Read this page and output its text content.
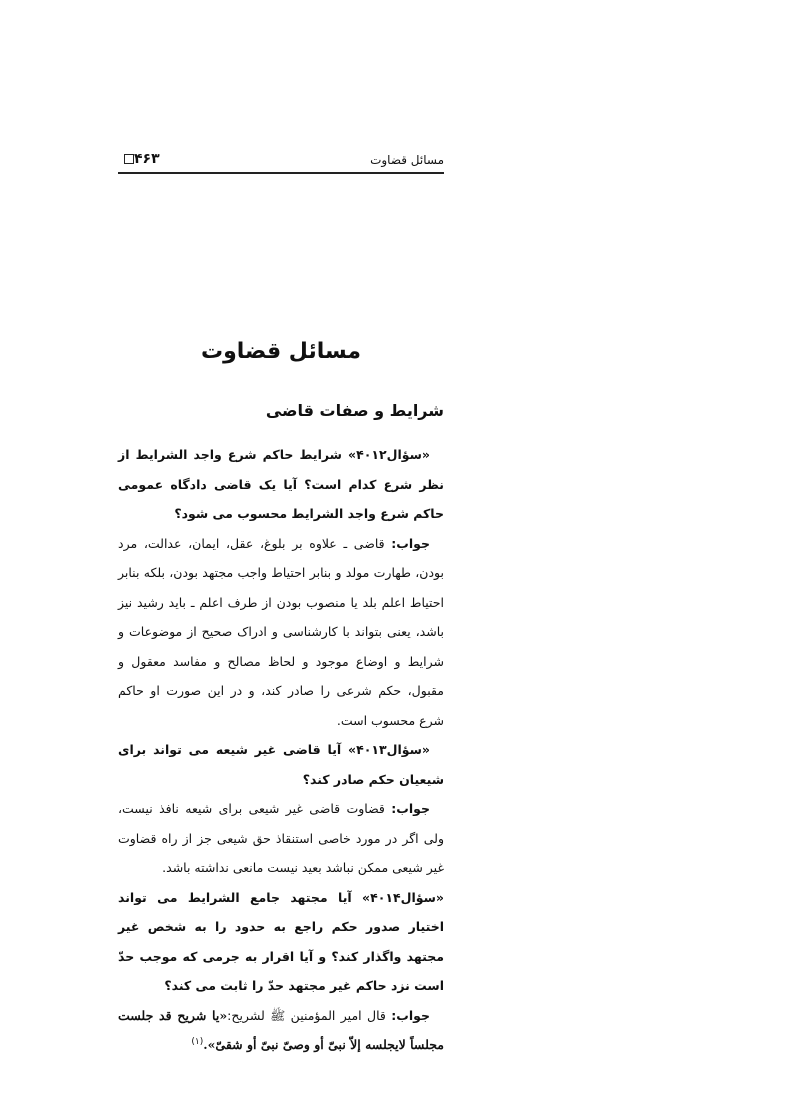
۴۶۳	مسائل قضاوت
مسائل قضاوت
شرایط و صفات قاضی

«سؤال۴۰۱۲» شرایط حاکم شرع واجد الشرایط از نظر شرع کدام است؟ آیا یک قاضی دادگاه عمومی حاکم شرع واجد الشرایط محسوب می شود؟

جواب: قاضی ـ علاوه بر بلوغ، عقل، ایمان، عدالت، مرد بودن، طهارت مولد و بنابر احتیاط واجب مجتهد بودن، بلکه بنابر احتیاط اعلم بلد یا منصوب بودن از طرف اعلم ـ باید رشید نیز باشد، یعنی بتواند با کارشناسی و ادراک صحیح از موضوعات و شرایط و اوضاع موجود و لحاظ مصالح و مفاسد معقول و مقبول، حکم شرعی را صادر کند، و در این صورت او حاکم شرع محسوب است.

«سؤال۴۰۱۳» آیا قاضی غیر شیعه می تواند برای شیعیان حکم صادر کند؟

جواب: قضاوت قاضی غیر شیعی برای شیعه نافذ نیست، ولی اگر در مورد خاصی استنقاذ حق شیعی جز از راه قضاوت غیر شیعی ممکن نباشد بعید نیست مانعی نداشته باشد.

«سؤال۴۰۱۴» آیا مجتهد جامع الشرایط می تواند اختیار صدور حکم راجع به حدود را به شخص غیر مجتهد واگذار کند؟ و آیا اقرار به جرمی که موجب حدّ است نزد حاکم غیر مجتهد حدّ را ثابت می کند؟

جواب: قال امیر المؤمنین ﷺ لشریح:«یا شریح قد جلست مجلساً لایجلسه إلاّ نبیّ أو وصیّ نبیّ أو شقیّ».$^{(۱)}$
